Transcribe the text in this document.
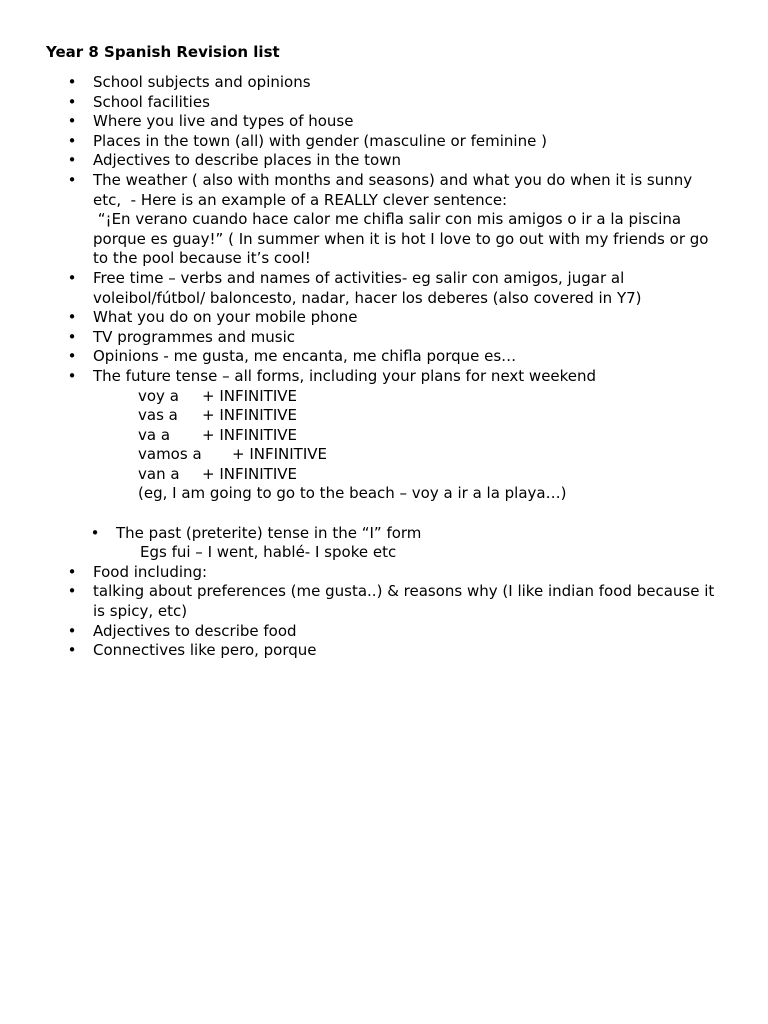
Year 8 Spanish Revision list
• School subjects and opinions
• School facilities
• Where you live and types of house
• Places in the town (all) with gender (masculine or feminine )
• Adjectives to describe places in the town
• The weather ( also with months and seasons) and what you do when it is sunny etc,  - Here is an example of a REALLY clever sentence:
“¡En verano cuando hace calor me chifla salir con mis amigos o ir a la piscina porque es guay!” ( In summer when it is hot I love to go out with my friends or go to the pool because it’s cool!
• Free time – verbs and names of activities- eg salir con amigos, jugar al voleibol/fútbol/ baloncesto, nadar, hacer los deberes (also covered in Y7)
• What you do on your mobile phone
• TV programmes and music
• Opinions - me gusta, me encanta, me chifla porque es…
• The future tense – all forms, including your plans for next weekend

voy a

+ INFINITIVE

vas a

+ INFINITIVE

va a

+ INFINITIVE

vamos a

+ INFINITIVE

van a

+ INFINITIVE

(eg, I am going to go to the beach – voy a ir a la playa…)

• The past (preterite) tense in the “I” form

Egs fui – I went, hablé- I spoke etc

• Food including:
• talking about preferences (me gusta..) & reasons why (I like indian food because it is spicy, etc)
• Adjectives to describe food
• Connectives like pero, porque
